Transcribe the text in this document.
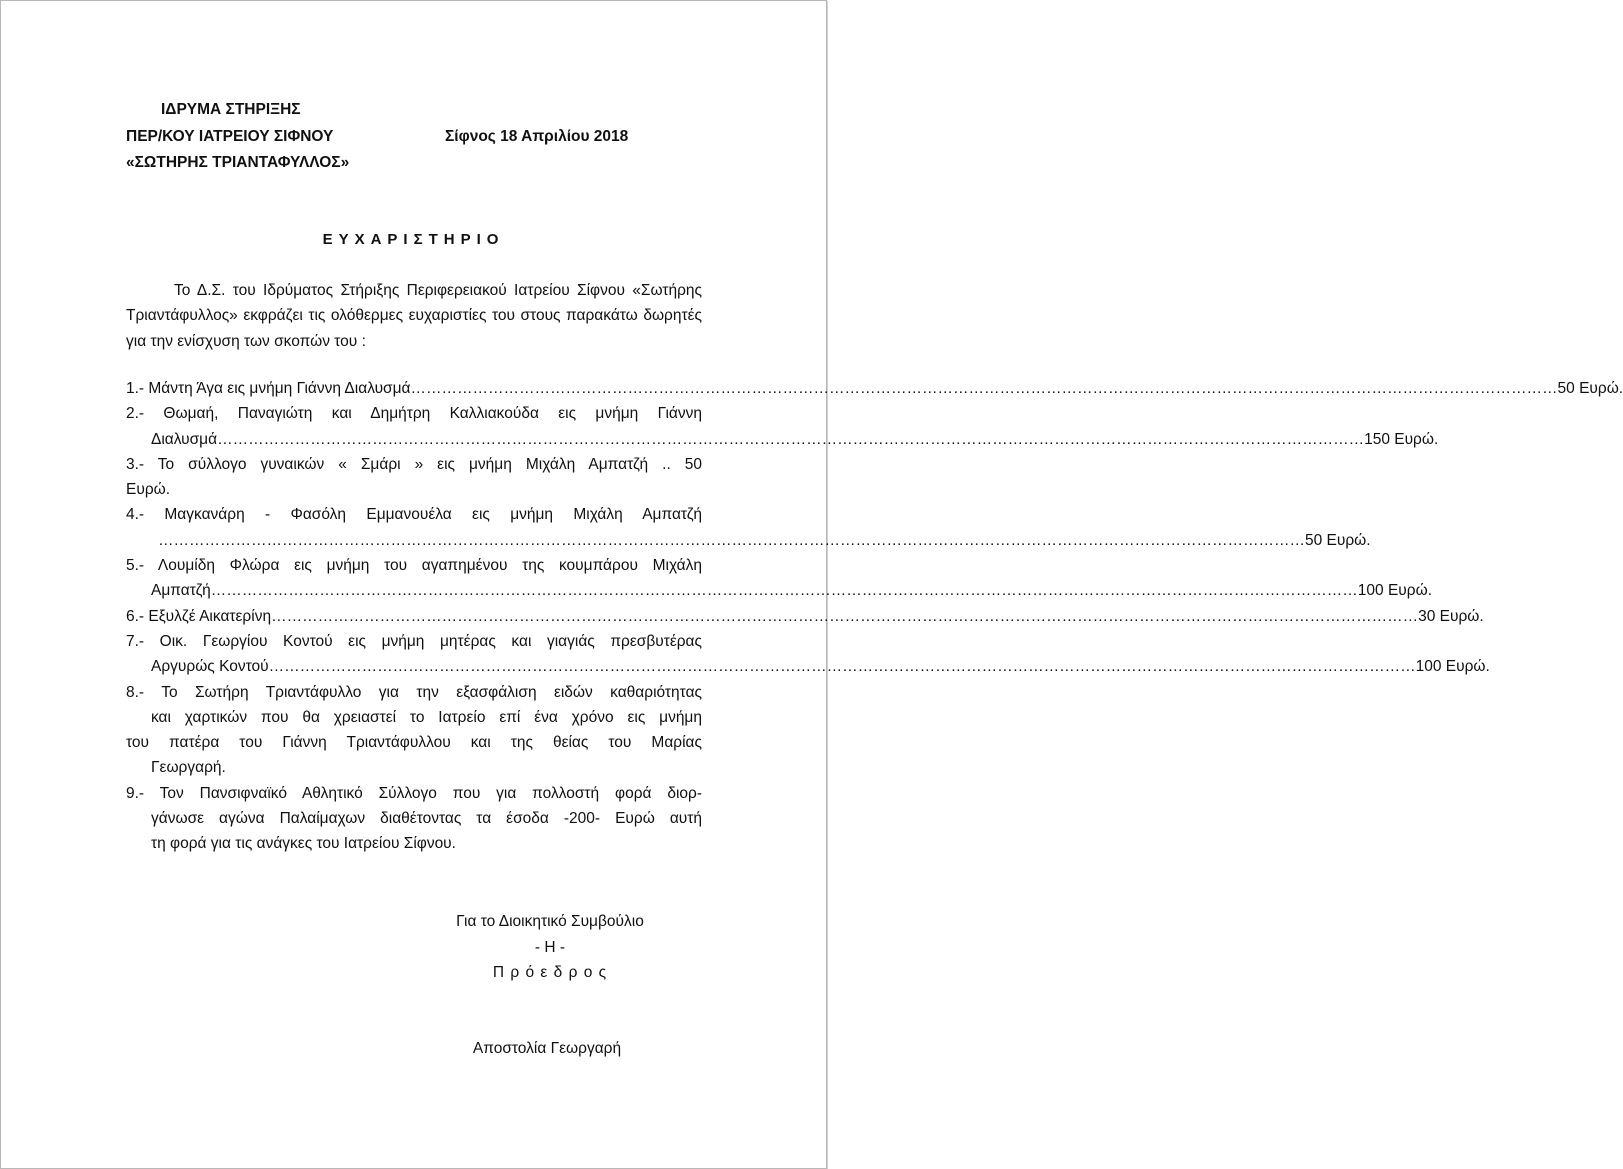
ΙΔΡΥΜΑ ΣΤΗΡΙΞΗΣ
ΠΕΡ/ΚΟΥ ΙΑΤΡΕΙΟΥ ΣΙΦΝΟΥ
«ΣΩΤΗΡΗΣ ΤΡΙΑΝΤΑΦΥΛΛΟΣ»
Σίφνος 18 Απριλίου 2018
ΕΥΧΑΡΙΣΤΗΡΙΟ

Το Δ.Σ. του Ιδρύματος Στήριξης Περιφερειακού Ιατρείου Σίφνου «Σωτήρης Τριαντάφυλλος» εκφράζει τις ολόθερμες ευχαριστίες του στους παρακάτω δωρητές για την ενίσχυση των σκοπών του :

1.- Μάντη Άγα εις μνήμη Γιάννη Διαλυσμά …………………………………………………………………………………………………………………………………………………………………………………………………… 50 Ευρώ.
2.- Θωμαή, Παναγιώτη και Δημήτρη Καλλιακούδα εις μνήμη Γιάννη
Διαλυσμά …………………………………………………………………………………………………………………………………………………………………………………………………… 150 Ευρώ.
3.- Το σύλλογο γυναικών « Σμάρι » εις μνήμη Μιχάλη Αμπατζή .. 50
Ευρώ.
4.- Μαγκανάρη - Φασόλη Εμμανουέλα εις μνήμη Μιχάλη Αμπατζή
…………………………………………………………………………………………………………………………………………………………………………………………………… 50 Ευρώ.
5.- Λουμίδη Φλώρα εις μνήμη του αγαπημένου της κουμπάρου Μιχάλη
Αμπατζή …………………………………………………………………………………………………………………………………………………………………………………………………… 100 Ευρώ.
6.- Εξυλζέ Αικατερίνη …………………………………………………………………………………………………………………………………………………………………………………………………… 30 Ευρώ.
7.- Οικ. Γεωργίου Κοντού εις μνήμη μητέρας και γιαγιάς πρεσβυτέρας
Αργυρώς Κοντού …………………………………………………………………………………………………………………………………………………………………………………………………… 100 Ευρώ.
8.- Το Σωτήρη Τριαντάφυλλο για την εξασφάλιση ειδών καθαριότητας
και χαρτικών που θα χρειαστεί το Ιατρείο επί ένα χρόνο εις μνήμη
του πατέρα του Γιάννη Τριαντάφυλλου και της θείας του Μαρίας
Γεωργαρή.
9.- Τον Πανσιφναϊκό Αθλητικό Σύλλογο που για πολλοστή φορά διορ-
γάνωσε αγώνα Παλαίμαχων διαθέτοντας τα έσοδα -200- Ευρώ αυτή
τη φορά για τις ανάγκες του Ιατρείου Σίφνου.
Για το Διοικητικό Συμβούλιο
- Η -
Π ρ ό ε δ ρ ο ς
Αποστολία Γεωργαρή
